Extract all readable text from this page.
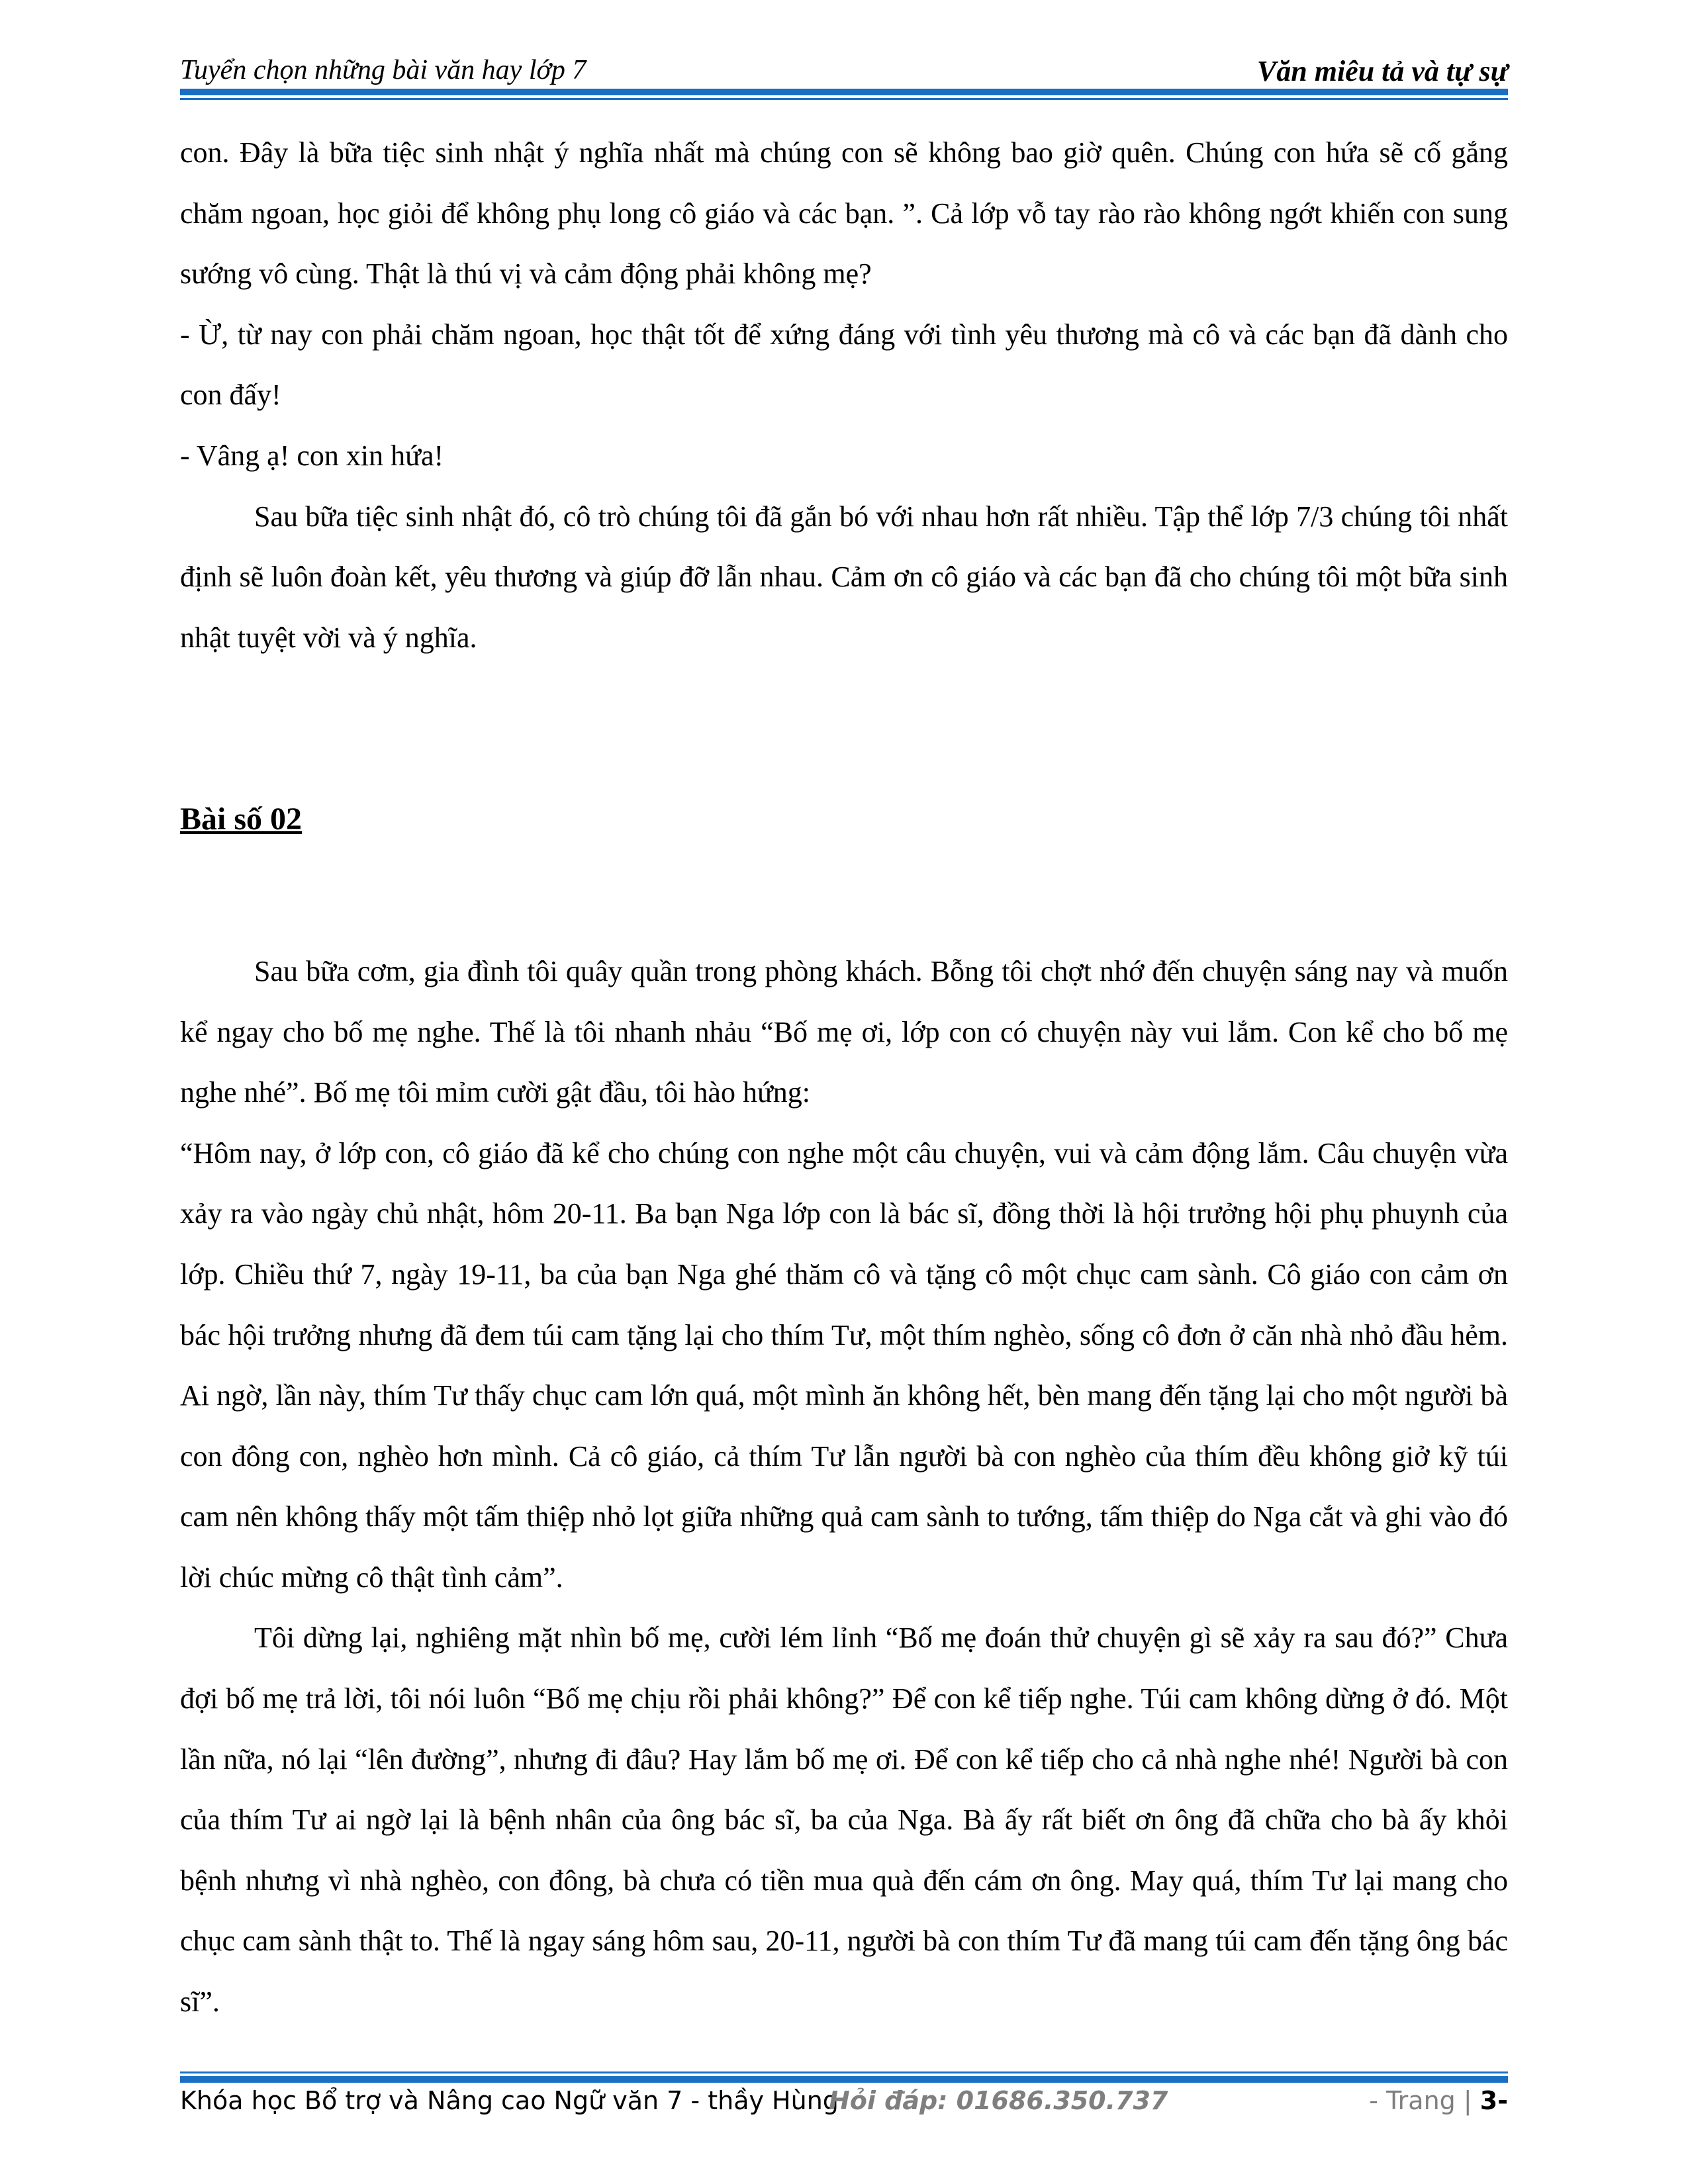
Tuyển chọn những bài văn hay lớp 7	Văn miêu tả và tự sự

con. Đây là bữa tiệc sinh nhật ý nghĩa nhất mà chúng con sẽ không bao giờ quên. Chúng con hứa sẽ cố gắng chăm ngoan, học giỏi để không phụ long cô giáo và các bạn. ”. Cả lớp vỗ tay rào rào không ngớt khiến con sung sướng vô cùng. Thật là thú vị và cảm động phải không mẹ?

- Ừ, từ nay con phải chăm ngoan, học thật tốt để xứng đáng với tình yêu thương mà cô và các bạn đã dành cho con đấy!

- Vâng ạ! con xin hứa!

Sau bữa tiệc sinh nhật đó, cô trò chúng tôi đã gắn bó với nhau hơn rất nhiều. Tập thể lớp 7/3 chúng tôi nhất định sẽ luôn đoàn kết, yêu thương và giúp đỡ lẫn nhau. Cảm ơn cô giáo và các bạn đã cho chúng tôi một bữa sinh nhật tuyệt vời và ý nghĩa.

Bài số 02

Sau bữa cơm, gia đình tôi quây quần trong phòng khách. Bỗng tôi chợt nhớ đến chuyện sáng nay và muốn kể ngay cho bố mẹ nghe. Thế là tôi nhanh nhảu “Bố mẹ ơi, lớp con có chuyện này vui lắm. Con kể cho bố mẹ nghe nhé”. Bố mẹ tôi mỉm cười gật đầu, tôi hào hứng:

“Hôm nay, ở lớp con, cô giáo đã kể cho chúng con nghe một câu chuyện, vui và cảm động lắm. Câu chuyện vừa xảy ra vào ngày chủ nhật, hôm 20-11. Ba bạn Nga lớp con là bác sĩ, đồng thời là hội trưởng hội phụ phuynh của lớp. Chiều thứ 7, ngày 19-11, ba của bạn Nga ghé thăm cô và tặng cô một chục cam sành. Cô giáo con cảm ơn bác hội trưởng nhưng đã đem túi cam tặng lại cho thím Tư, một thím nghèo, sống cô đơn ở căn nhà nhỏ đầu hẻm. Ai ngờ, lần này, thím Tư thấy chục cam lớn quá, một mình ăn không hết, bèn mang đến tặng lại cho một người bà con đông con, nghèo hơn mình. Cả cô giáo, cả thím Tư lẫn người bà con nghèo của thím đều không giở kỹ túi cam nên không thấy một tấm thiệp nhỏ lọt giữa những quả cam sành to tướng, tấm thiệp do Nga cắt và ghi vào đó lời chúc mừng cô thật tình cảm”.

Tôi dừng lại, nghiêng mặt nhìn bố mẹ, cười lém lỉnh “Bố mẹ đoán thử chuyện gì sẽ xảy ra sau đó?” Chưa đợi bố mẹ trả lời, tôi nói luôn “Bố mẹ chịu rồi phải không?” Để con kể tiếp nghe. Túi cam không dừng ở đó. Một lần nữa, nó lại “lên đường”, nhưng đi đâu? Hay lắm bố mẹ ơi. Để con kể tiếp cho cả nhà nghe nhé! Người bà con của thím Tư ai ngờ lại là bệnh nhân của ông bác sĩ, ba của Nga. Bà ấy rất biết ơn ông đã chữa cho bà ấy khỏi bệnh nhưng vì nhà nghèo, con đông, bà chưa có tiền mua quà đến cám ơn ông. May quá, thím Tư lại mang cho chục cam sành thật to. Thế là ngay sáng hôm sau, 20-11, người bà con thím Tư đã mang túi cam đến tặng ông bác sĩ”.

Khóa học Bổ trợ và Nâng cao Ngữ văn 7 - thầy Hùng
Hỏi đáp: 01686.350.737	- Trang | 3-
